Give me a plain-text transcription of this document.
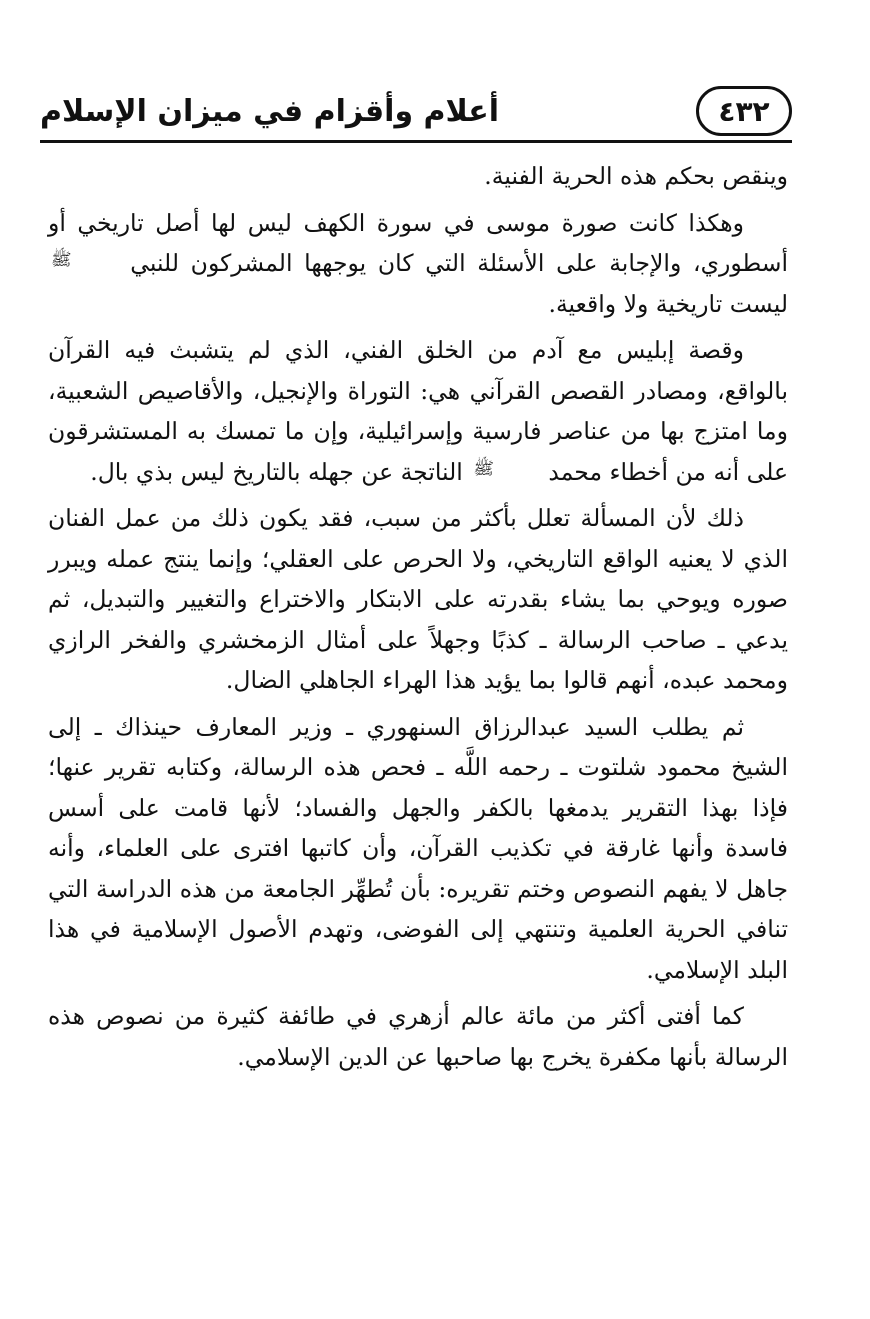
أعلام وأقزام في ميزان الإسلام	٤٣٢

وينقص بحكم هذه الحرية الفنية.

وهكذا كانت صورة موسى في سورة الكهف ليس لها أصل تاريخي أو أسطوري، والإجابة على الأسئلة التي كان يوجهها المشركون للنبي ﷺ ليست تاريخية ولا واقعية.

وقصة إبليس مع آدم من الخلق الفني، الذي لم يتشبث فيه القرآن بالواقع، ومصادر القصص القرآني هي: التوراة والإنجيل، والأقاصيص الشعبية، وما امتزج بها من عناصر فارسية وإسرائيلية، وإن ما تمسك به المستشرقون على أنه من أخطاء محمد ﷺ الناتجة عن جهله بالتاريخ ليس بذي بال.

ذلك لأن المسألة تعلل بأكثر من سبب، فقد يكون ذلك من عمل الفنان الذي لا يعنيه الواقع التاريخي، ولا الحرص على العقلي؛ وإنما ينتج عمله ويبرر صوره ويوحي بما يشاء بقدرته على الابتكار والاختراع والتغيير والتبديل، ثم يدعي ـ صاحب الرسالة ـ كذبًا وجهلاً على أمثال الزمخشري والفخر الرازي ومحمد عبده، أنهم قالوا بما يؤيد هذا الهراء الجاهلي الضال.

ثم يطلب السيد عبدالرزاق السنهوري ـ وزير المعارف حينذاك ـ إلى الشيخ محمود شلتوت ـ رحمه اللَّه ـ فحص هذه الرسالة، وكتابه تقرير عنها؛ فإذا بهذا التقرير يدمغها بالكفر والجهل والفساد؛ لأنها قامت على أسس فاسدة وأنها غارقة في تكذيب القرآن، وأن كاتبها افترى على العلماء، وأنه جاهل لا يفهم النصوص وختم تقريره: بأن تُطهِّر الجامعة من هذه الدراسة التي تنافي الحرية العلمية وتنتهي إلى الفوضى، وتهدم الأصول الإسلامية في هذا البلد الإسلامي.

كما أفتى أكثر من مائة عالم أزهري في طائفة كثيرة من نصوص هذه الرسالة بأنها مكفرة يخرج بها صاحبها عن الدين الإسلامي.
